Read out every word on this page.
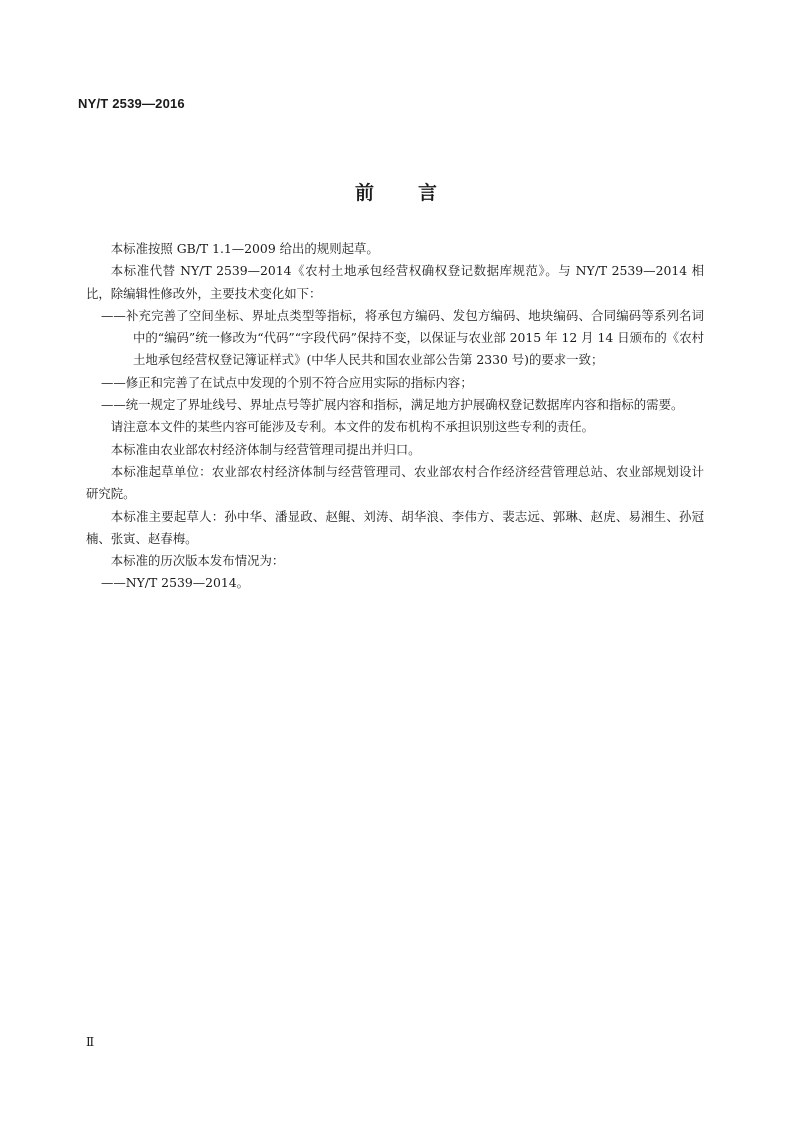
NY/T 2539—2016
前 言

本标准按照 GB/T 1.1—2009 给出的规则起草。

本标准代替 NY/T 2539—2014《农村土地承包经营权确权登记数据库规范》。与 NY/T 2539—2014 相比，除编辑性修改外，主要技术变化如下：

—— 补充完善了空间坐标、界址点类型等指标，将承包方编码、发包方编码、地块编码、合同编码等系列名词中的“编码”统一修改为“代码”“字段代码”保持不变，以保证与农业部 2015 年 12 月 14 日颁布的《农村土地承包经营权登记簿证样式》(中华人民共和国农业部公告第 2330 号)的要求一致；

—— 修正和完善了在试点中发现的个别不符合应用实际的指标内容；

—— 统一规定了界址线号、界址点号等扩展内容和指标，满足地方护展确权登记数据库内容和指标的需要。

请注意本文件的某些内容可能涉及专利。本文件的发布机构不承担识别这些专利的责任。

本标准由农业部农村经济体制与经营管理司提出并归口。

本标准起草单位：农业部农村经济体制与经营管理司、农业部农村合作经济经营管理总站、农业部规划设计研究院。

本标准主要起草人：孙中华、潘显政、赵鲲、刘涛、胡华浪、李伟方、裴志远、郭琳、赵虎、易湘生、孙冠楠、张寅、赵春梅。

本标准的历次版本发布情况为：

—— NY/T 2539—2014。

Ⅱ
